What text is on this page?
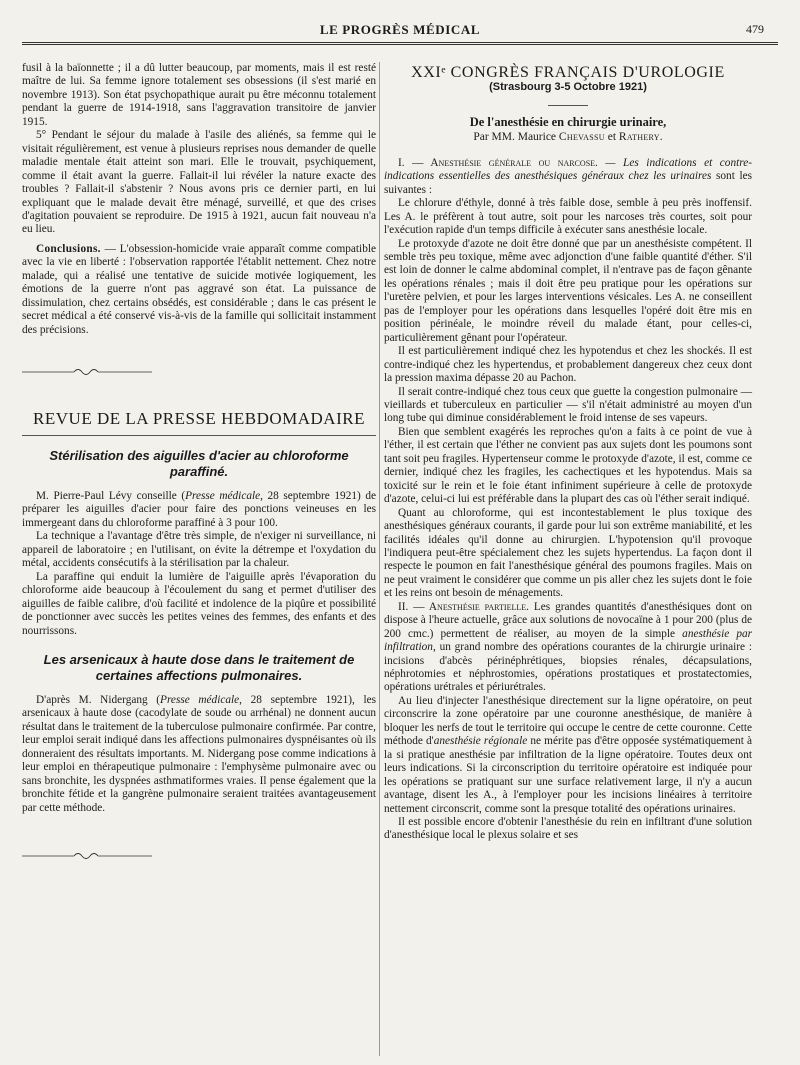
LE PROGRÈS MÉDICAL	479

fusil à la baïonnette ; il a dû lutter beaucoup, par moments, mais il est resté maître de lui. Sa femme ignore totalement ses obsessions (il s'est marié en novembre 1913). Son état psychopathique aurait pu être méconnu totalement pendant la guerre de 1914-1918, sans l'aggravation transitoire de janvier 1915.

5° Pendant le séjour du malade à l'asile des aliénés, sa femme qui le visitait régulièrement, est venue à plusieurs reprises nous demander de quelle maladie mentale était atteint son mari. Elle le trouvait, psychiquement, comme il était avant la guerre. Fallait-il lui révéler la nature exacte des troubles ? Fallait-il s'abstenir ? Nous avons pris ce dernier parti, en lui expliquant que le malade devait être ménagé, surveillé, et que des crises d'agitation pouvaient se reproduire. De 1915 à 1921, aucun fait nouveau n'a eu lieu.

Conclusions. — L'obsession-homicide vraie apparaît comme compatible avec la vie en liberté : l'observation rapportée l'établit nettement. Chez notre malade, qui a réalisé une tentative de suicide motivée logiquement, les émotions de la guerre n'ont pas aggravé son état. La puissance de dissimulation, chez certains obsédés, est considérable ; dans le cas présent le secret médical a été conservé vis-à-vis de la famille qui sollicitait instamment des précisions.

REVUE DE LA PRESSE HEBDOMADAIRE
Stérilisation des aiguilles d'acier au chloroforme paraffiné.

M. Pierre-Paul Lévy conseille (Presse médicale, 28 septembre 1921) de préparer les aiguilles d'acier pour faire des ponctions veineuses en les immergeant dans du chloroforme paraffiné à 3 pour 100.

La technique a l'avantage d'être très simple, de n'exiger ni surveillance, ni appareil de laboratoire ; en l'utilisant, on évite la détrempe et l'oxydation du métal, accidents consécutifs à la stérilisation par la chaleur.

La paraffine qui enduit la lumière de l'aiguille après l'évaporation du chloroforme aide beaucoup à l'écoulement du sang et permet d'utiliser des aiguilles de faible calibre, d'où facilité et indolence de la piqûre et possibilité de ponctionner avec succès les petites veines des femmes, des enfants et des nourrissons.

Les arsenicaux à haute dose dans le traitement de certaines affections pulmonaires.

D'après M. Nidergang (Presse médicale, 28 septembre 1921), les arsenicaux à haute dose (cacodylate de soude ou arrhénal) ne donnent aucun résultat dans le traitement de la tuberculose pulmonaire confirmée. Par contre, leur emploi serait indiqué dans les affections pulmonaires dyspnéisantes où ils donneraient des résultats importants. M. Nidergang pose comme indications à leur emploi en thérapeutique pulmonaire : l'emphysème pulmonaire avec ou sans bronchite, les dyspnées asthmatiformes vraies. Il pense également que la bronchite fétide et la gangrène pulmonaire seraient traitées avantageusement par cette méthode.

XXIᵉ CONGRÈS FRANÇAIS D'UROLOGIE
(Strasbourg 3-5 Octobre 1921)
De l'anesthésie en chirurgie urinaire,
Par MM. Maurice Chevassu et Rathery.

I. — Anesthésie générale ou narcose. — Les indications et contre-indications essentielles des anesthésiques généraux chez les urinaires sont les suivantes :

Le chlorure d'éthyle, donné à très faible dose, semble à peu près inoffensif. Les A. le préfèrent à tout autre, soit pour les narcoses très courtes, soit pour l'exécution rapide d'un temps difficile à exécuter sans anesthésie locale.

Le protoxyde d'azote ne doit être donné que par un anesthésiste compétent. Il semble très peu toxique, même avec adjonction d'une faible quantité d'éther. S'il est loin de donner le calme abdominal complet, il n'entrave pas de façon gênante les opérations rénales ; mais il doit être peu pratique pour les opérations sur l'uretère pelvien, et pour les larges interventions vésicales. Les A. ne conseillent pas de l'employer pour les opérations dans lesquelles l'opéré doit être mis en position périnéale, le moindre réveil du malade étant, pour celles-ci, particulièrement gênant pour l'opérateur.

Il est particulièrement indiqué chez les hypotendus et chez les shockés. Il est contre-indiqué chez les hypertendus, et probablement dangereux chez ceux dont la pression maxima dépasse 20 au Pachon.

Il serait contre-indiqué chez tous ceux que guette la congestion pulmonaire — vieillards et tuberculeux en particulier — s'il n'était administré au moyen d'un long tube qui diminue considérablement le froid intense de ses vapeurs.

Bien que semblent exagérés les reproches qu'on a faits à ce point de vue à l'éther, il est certain que l'éther ne convient pas aux sujets dont les poumons sont tant soit peu fragiles. Hypertenseur comme le protoxyde d'azote, il est, comme ce dernier, indiqué chez les fragiles, les cachectiques et les hypotendus. Mais sa toxicité sur le rein et le foie étant infiniment supérieure à celle de protoxyde d'azote, celui-ci lui est préférable dans la plupart des cas où l'éther serait indiqué.

Quant au chloroforme, qui est incontestablement le plus toxique des anesthésiques généraux courants, il garde pour lui son extrême maniabilité, et les facilités idéales qu'il donne au chirurgien. L'hypotension qu'il provoque l'indiquera peut-être spécialement chez les sujets hypertendus. La façon dont il respecte le poumon en fait l'anesthésique général des poumons fragiles. Mais on ne peut vraiment le considérer que comme un pis aller chez les sujets dont le foie et les reins ont besoin de ménagements.

II. — Anesthésie partielle. Les grandes quantités d'anesthésiques dont on dispose à l'heure actuelle, grâce aux solutions de novocaïne à 1 pour 200 (plus de 200 cmc.) permettent de réaliser, au moyen de la simple anesthésie par infiltration, un grand nombre des opérations courantes de la chirurgie urinaire : incisions d'abcès périnéphrétiques, biopsies rénales, décapsulations, néphrotomies et néphrostomies, opérations prostatiques et prostatectomies, opérations urétrales et périurétrales.

Au lieu d'injecter l'anesthésique directement sur la ligne opératoire, on peut circonscrire la zone opératoire par une couronne anesthésique, de manière à bloquer les nerfs de tout le territoire qui occupe le centre de cette couronne. Cette méthode d'anesthésie régionale ne mérite pas d'être opposée systématiquement à la si pratique anesthésie par infiltration de la ligne opératoire. Toutes deux ont leurs indications. Si la circonscription du territoire opératoire est indiquée pour les opérations se pratiquant sur une surface relativement large, il n'y a aucun avantage, disent les A., à l'employer pour les incisions linéaires à territoire nettement circonscrit, comme sont la presque totalité des opérations urinaires.

Il est possible encore d'obtenir l'anesthésie du rein en infiltrant d'une solution d'anesthésique local le plexus solaire et ses
